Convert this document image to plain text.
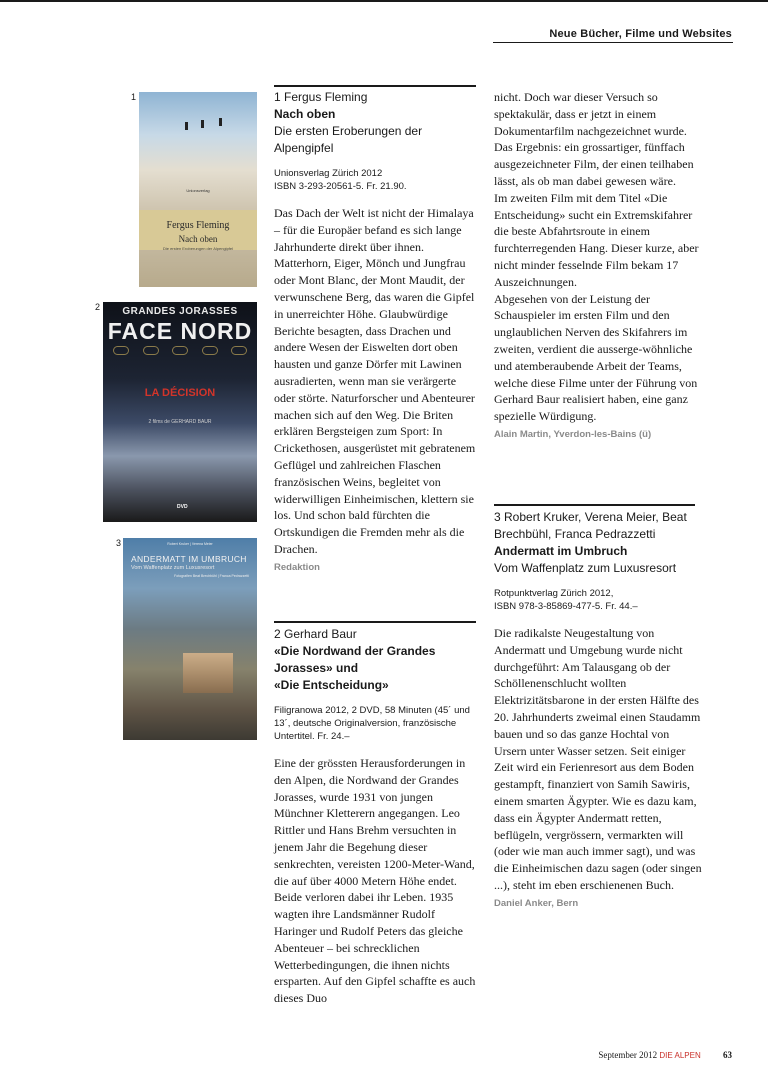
Neue Bücher, Filme und Websites
1
Unionsverlag
Fergus Fleming
Nach oben
Die ersten Eroberungen der Alpengipfel
2	GRANDES JORASSES
FACE NORD
LA DÉCISION
2 films de GERHARD BAUR
DVD
3	Robert Kruker | Verena Meier
ANDERMATT IM UMBRUCH
Vom Waffenplatz zum Luxusresort
Fotografien Beat Brechbühl | Franca Pedrazzetti
1 Fergus Fleming
Nach oben
Die ersten Eroberungen der Alpengipfel
Unionsverlag Zürich 2012
ISBN 3-293-20561-5. Fr. 21.90.
Das Dach der Welt ist nicht der Himalaya – für die Europäer befand es sich lange Jahrhunderte direkt über ihnen. Matterhorn, Eiger, Mönch und Jungfrau oder Mont Blanc, der Mont Maudit, der verwunschene Berg, das waren die Gipfel in unerreichter Höhe. Glaubwürdige Berichte besagten, dass Drachen und andere Wesen der Eiswelten dort oben hausten und ganze Dörfer mit Lawinen ausradierten, wenn man sie verärgerte oder störte. Naturforscher und Abenteurer machen sich auf den Weg. Die Briten erklären Bergsteigen zum Sport: In Crickethosen, ausgerüstet mit gebratenem Geflügel und zahlreichen Flaschen französischen Weins, begleitet von widerwilligen Einheimischen, klettern sie los. Und schon bald fürchten die Ortskundigen die Fremden mehr als die Drachen.
Redaktion
2 Gerhard Baur
«Die Nordwand der Grandes
Jorasses» und
«Die Entscheidung»
Filigranowa 2012, 2 DVD, 58 Minuten (45´ und 13´, deutsche Originalversion, französische Untertitel. Fr. 24.–
Eine der grössten Herausforderungen in den Alpen, die Nordwand der Grandes Jorasses, wurde 1931 von jungen Münchner Kletterern angegangen. Leo Rittler und Hans Brehm versuchten in jenem Jahr die Begehung dieser senkrechten, vereisten 1200-Meter-Wand, die auf über 4000 Metern Höhe endet. Beide verloren dabei ihr Leben. 1935 wagten ihre Landsmänner Rudolf Haringer und Rudolf Peters das gleiche Abenteuer – bei schrecklichen Wetterbedingungen, die ihnen nichts ersparten. Auf den Gipfel schaffte es auch dieses Duo

nicht. Doch war dieser Versuch so spektakulär, dass er jetzt in einem Dokumentarfilm nachgezeichnet wurde. Das Ergebnis: ein grossartiger, fünffach ausgezeichneter Film, der einen teilhaben lässt, als ob man dabei gewesen wäre.

Im zweiten Film mit dem Titel «Die Entscheidung» sucht ein Extremskifahrer die beste Abfahrtsroute in einem furchterregenden Hang. Dieser kurze, aber nicht minder fesselnde Film bekam 17 Auszeichnungen.

Abgesehen von der Leistung der Schauspieler im ersten Film und den unglaublichen Nerven des Skifahrers im zweiten, verdient die ausserge-wöhnliche und atemberaubende Arbeit der Teams, welche diese Filme unter der Führung von Gerhard Baur realisiert haben, eine ganz spezielle Würdigung.

Alain Martin, Yverdon-les-Bains (ü)
3 Robert Kruker, Verena Meier, Beat Brechbühl, Franca Pedrazzetti
Andermatt im Umbruch
Vom Waffenplatz zum Luxusresort
Rotpunktverlag Zürich 2012,
ISBN 978-3-85869-477-5. Fr. 44.–
Die radikalste Neugestaltung von Andermatt und Umgebung wurde nicht durchgeführt: Am Talausgang ob der Schöllenenschlucht wollten Elektrizitätsbarone in der ersten Hälfte des 20. Jahrhunderts zweimal einen Staudamm bauen und so das ganze Hochtal von Ursern unter Wasser setzen. Seit einiger Zeit wird ein Ferienresort aus dem Boden gestampft, finanziert von Samih Sawiris, einem smarten Ägypter. Wie es dazu kam, dass ein Ägypter Andermatt retten, beflügeln, vergrössern, vermarkten will (oder wie man auch immer sagt), und was die Einheimischen dazu sagen (oder singen ...), steht im eben erschienenen Buch.
Daniel Anker, Bern
September 2012 DIE ALPEN 63
